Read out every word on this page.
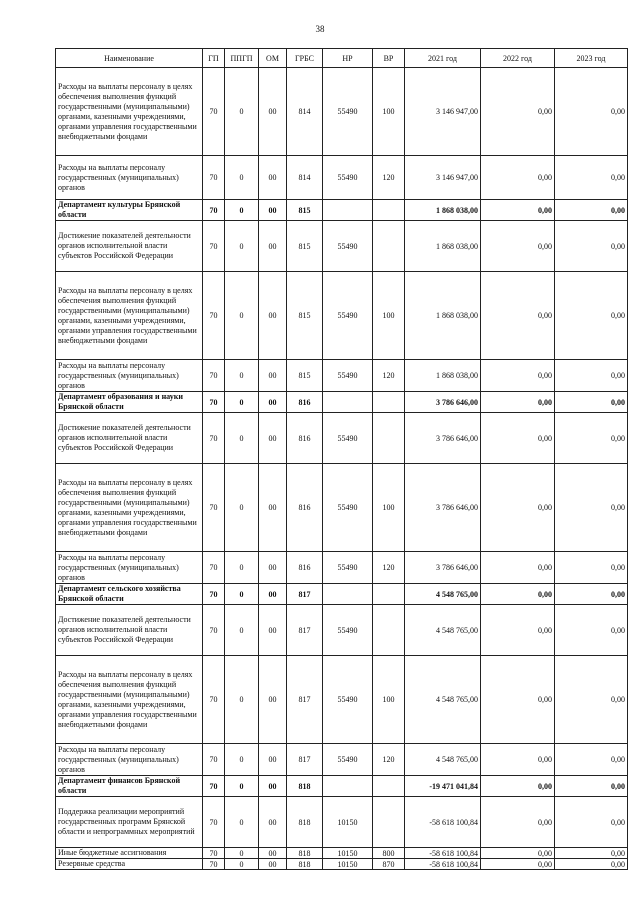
38
Наименование	ГП	ППГП	ОМ	ГРБС	НР	ВР	2021 год	2022 год	2023 год
Расходы на выплаты персоналу в целях обеспечения выполнения функций государственными (муниципальными) органами, казенными учреждениями, органами управления государственными внебюджетными фондами	70	0	00	814	55490	100	3 146 947,00	0,00	0,00
Расходы на выплаты персоналу государственных (муниципальных) органов	70	0	00	814	55490	120	3 146 947,00	0,00	0,00
Департамент культуры Брянской области	70	0	00	815			1 868 038,00	0,00	0,00
Достижение показателей деятельности органов исполнительной власти субъектов Российской Федерации	70	0	00	815	55490		1 868 038,00	0,00	0,00
Расходы на выплаты персоналу в целях обеспечения выполнения функций государственными (муниципальными) органами, казенными учреждениями, органами управления государственными внебюджетными фондами	70	0	00	815	55490	100	1 868 038,00	0,00	0,00
Расходы на выплаты персоналу государственных (муниципальных) органов	70	0	00	815	55490	120	1 868 038,00	0,00	0,00
Департамент образования и науки Брянской области	70	0	00	816			3 786 646,00	0,00	0,00
Достижение показателей деятельности органов исполнительной власти субъектов Российской Федерации	70	0	00	816	55490		3 786 646,00	0,00	0,00
Расходы на выплаты персоналу в целях обеспечения выполнения функций государственными (муниципальными) органами, казенными учреждениями, органами управления государственными внебюджетными фондами	70	0	00	816	55490	100	3 786 646,00	0,00	0,00
Расходы на выплаты персоналу государственных (муниципальных) органов	70	0	00	816	55490	120	3 786 646,00	0,00	0,00
Департамент сельского хозяйства Брянской области	70	0	00	817			4 548 765,00	0,00	0,00
Достижение показателей деятельности органов исполнительной власти субъектов Российской Федерации	70	0	00	817	55490		4 548 765,00	0,00	0,00
Расходы на выплаты персоналу в целях обеспечения выполнения функций государственными (муниципальными) органами, казенными учреждениями, органами управления государственными внебюджетными фондами	70	0	00	817	55490	100	4 548 765,00	0,00	0,00
Расходы на выплаты персоналу государственных (муниципальных) органов	70	0	00	817	55490	120	4 548 765,00	0,00	0,00
Департамент финансов Брянской области	70	0	00	818			-19 471 041,84	0,00	0,00
Поддержка реализации мероприятий государственных программ Брянской области и непрограммных мероприятий	70	0	00	818	10150		-58 618 100,84	0,00	0,00
Иные бюджетные ассигнования	70	0	00	818	10150	800	-58 618 100,84	0,00	0,00
Резервные средства	70	0	00	818	10150	870	-58 618 100,84	0,00	0,00
